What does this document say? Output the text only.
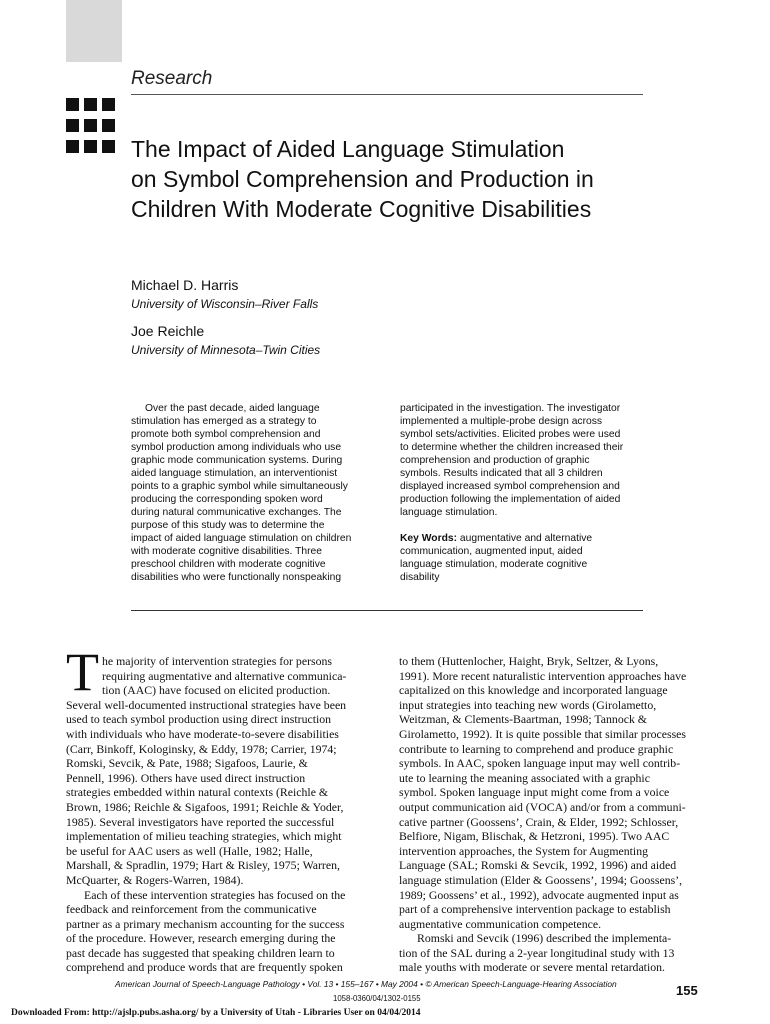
Research
The Impact of Aided Language Stimulation
on Symbol Comprehension and Production in
Children With Moderate Cognitive Disabilities
Michael D. Harris
University of Wisconsin–River Falls
Joe Reichle
University of Minnesota–Twin Cities
Over the past decade, aided language
stimulation has emerged as a strategy to
promote both symbol comprehension and
symbol production among individuals who use
graphic mode communication systems. During
aided language stimulation, an interventionist
points to a graphic symbol while simultaneously
producing the corresponding spoken word
during natural communicative exchanges. The
purpose of this study was to determine the
impact of aided language stimulation on children
with moderate cognitive disabilities. Three
preschool children with moderate cognitive
disabilities who were functionally nonspeaking
participated in the investigation. The investigator
implemented a multiple-probe design across
symbol sets/activities. Elicited probes were used
to determine whether the children increased their
comprehension and production of graphic
symbols. Results indicated that all 3 children
displayed increased symbol comprehension and
production following the implementation of aided
language stimulation.
Key Words: augmentative and alternative
communication, augmented input, aided
language stimulation, moderate cognitive
disability
T he majority of intervention strategies for persons
requiring augmentative and alternative communica-
tion (AAC) have focused on elicited production.
Several well-documented instructional strategies have been
used to teach symbol production using direct instruction
with individuals who have moderate-to-severe disabilities
(Carr, Binkoff, Kologinsky, & Eddy, 1978; Carrier, 1974;
Romski, Sevcik, & Pate, 1988; Sigafoos, Laurie, &
Pennell, 1996). Others have used direct instruction
strategies embedded within natural contexts (Reichle &
Brown, 1986; Reichle & Sigafoos, 1991; Reichle & Yoder,
1985). Several investigators have reported the successful
implementation of milieu teaching strategies, which might
be useful for AAC users as well (Halle, 1982; Halle,
Marshall, & Spradlin, 1979; Hart & Risley, 1975; Warren,
McQuarter, & Rogers-Warren, 1984).
Each of these intervention strategies has focused on the
feedback and reinforcement from the communicative
partner as a primary mechanism accounting for the success
of the procedure. However, research emerging during the
past decade has suggested that speaking children learn to
comprehend and produce words that are frequently spoken
to them (Huttenlocher, Haight, Bryk, Seltzer, & Lyons,
1991). More recent naturalistic intervention approaches have
capitalized on this knowledge and incorporated language
input strategies into teaching new words (Girolametto,
Weitzman, & Clements-Baartman, 1998; Tannock &
Girolametto, 1992). It is quite possible that similar processes
contribute to learning to comprehend and produce graphic
symbols. In AAC, spoken language input may well contrib-
ute to learning the meaning associated with a graphic
symbol. Spoken language input might come from a voice
output communication aid (VOCA) and/or from a communi-
cative partner (Goossens’, Crain, & Elder, 1992; Schlosser,
Belfiore, Nigam, Blischak, & Hetzroni, 1995). Two AAC
intervention approaches, the System for Augmenting
Language (SAL; Romski & Sevcik, 1992, 1996) and aided
language stimulation (Elder & Goossens’, 1994; Goossens’,
1989; Goossens’ et al., 1992), advocate augmented input as
part of a comprehensive intervention package to establish
augmentative communication competence.
Romski and Sevcik (1996) described the implementa-
tion of the SAL during a 2-year longitudinal study with 13
male youths with moderate or severe mental retardation.
American Journal of Speech-Language Pathology • Vol. 13 • 155–167 • May 2004 • © American Speech-Language-Hearing Association
1058-0360/04/1302-0155
155
Downloaded From: http://ajslp.pubs.asha.org/ by a University of Utah - Libraries User on 04/04/2014
